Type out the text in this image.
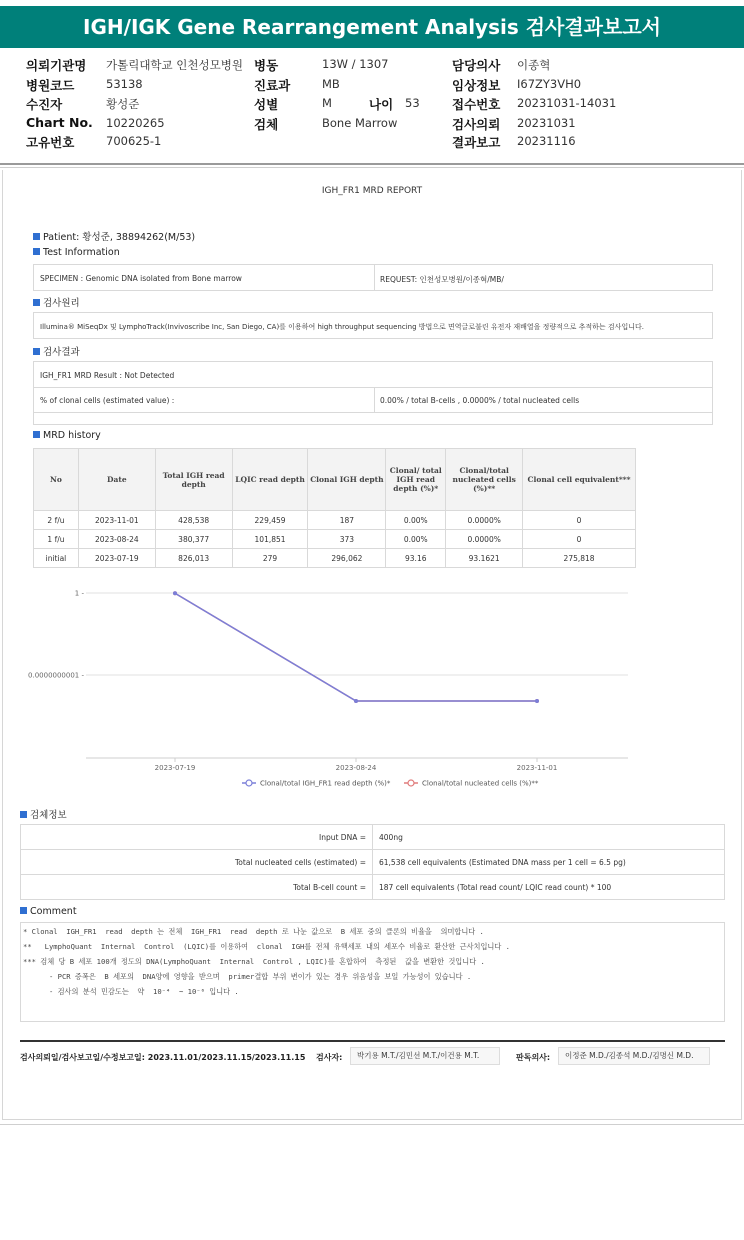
IGH/IGK Gene Rearrangement Analysis 검사결과보고서
의뢰기관명 가톨릭대학교 인천성모병원
병원코드	53138
수진자	황성준
Chart No. 10220265
고유번호	700625-1
병동	13W / 1307
진료과	MB
성별	M	나이 53
검체	Bone Marrow
담당의사 이종혁
임상정보 I67ZY3VH0
접수번호 20231031-14031
검사의뢰 20231031
결과보고 20231116
IGH_FR1 MRD REPORT
Patient: 황성준, 38894262(M/53)
Test Information
SPECIMEN : Genomic DNA isolated from Bone marrow	REQUEST: 인천성모병원/이종혁/MB/
검사원리
Illumina® MiSeqDx 및 LymphoTrack(Invivoscribe Inc, San Diego, CA)를 이용하여 high throughput sequencing 방법으로 면역글로불린 유전자 재배열을 정량적으로 추적하는 검사입니다.
검사결과
IGH_FR1 MRD Result : Not Detected
% of clonal cells (estimated value) :	0.00% / total B-cells , 0.0000% / total nucleated cells
MRD history
No	Date	Total IGH read depth	LQIC read depth	Clonal IGH depth	Clonal/ total IGH read depth (%)*	Clonal/total nucleated cells (%)**	Clonal cell equivalent***
2 f/u	2023-11-01	428,538	229,459	187	0.00%	0.0000%	0
1 f/u	2023-08-24	380,377	101,851	373	0.00%	0.0000%	0
initial	2023-07-19	826,013	279	296,062	93.16	93.1621	275,818
1 -
0.0000000001 -
2023-07-19	2023-08-24	2023-11-01
Clonal/total IGH_FR1 read depth (%)*	Clonal/total nucleated cells (%)**
검체정보
Input DNA =	400ng
Total nucleated cells (estimated) =	61,538 cell equivalents (Estimated DNA mass per 1 cell = 6.5 pg)
Total B-cell count =	187 cell equivalents (Total read count/ LQIC read count) * 100
Comment
* Clonal  IGH_FR1  read  depth 는 전체  IGH_FR1  read  depth 로 나눈 값으로  B 세포 중의 클론의 비율을  의미합니다 .
**   LymphoQuant  Internal  Control  (LQIC)를 이용하여  clonal  IGH를 전체 유핵세포 내의 세포수 비율로 환산한 근사치입니다 .
*** 검체 당 B 세포 100개 정도의 DNA(LymphoQuant  Internal  Control , LQIC)를 혼합하여  측정된  값을 변환한 것입니다 .
- PCR 증폭은  B 세포의  DNA양에 영향을 받으며  primer결합 부위 변이가 있는 경우 위음성을 보일 가능성이 있습니다 .
- 검사의 분석 민감도는  약  10⁻⁴  ~ 10⁻⁶ 입니다 .
검사의뢰일/검사보고일/수정보고일: 2023.11.01/2023.11.15/2023.11.15 검사자:	박기용 M.T./김민선 M.T./이건용 M.T.	판독의사:	이정준 M.D./김종석 M.D./김명신 M.D.
